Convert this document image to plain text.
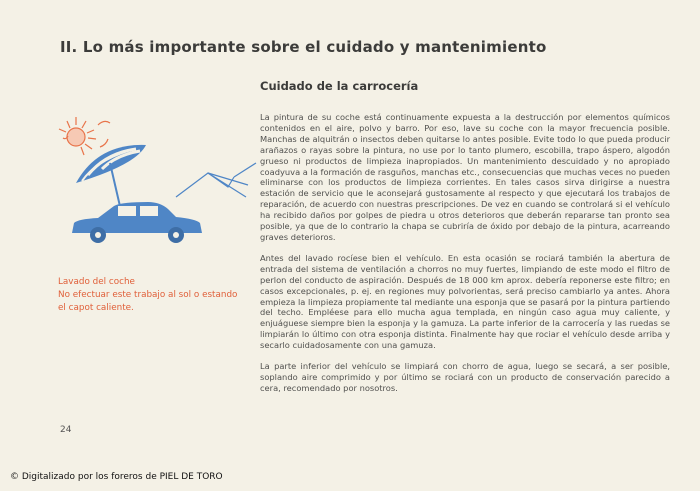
II. Lo más importante sobre el cuidado y mantenimiento
Cuidado de la carrocería
Lavado del coche
No efectuar este trabajo al sol o estando el capot caliente.

La pintura de su coche está continuamente expuesta a la destrucción por elementos químicos contenidos en el aire, polvo y barro. Por eso, lave su coche con la mayor frecuencia posible. Manchas de alquitrán o insectos deben quitarse lo antes posible. Evite todo lo que pueda producir arañazos o rayas sobre la pintura, no use por lo tanto plumero, escobilla, trapo áspero, algodón grueso ni productos de limpieza inapropiados. Un mantenimiento descuidado y no apropiado coadyuva a la formación de rasguños, manchas etc., consecuencias que muchas veces no pueden eliminarse con los productos de limpieza corrientes. En tales casos sirva dirigirse a nuestra estación de servicio que le aconsejará gustosamente al respecto y que ejecutará los trabajos de reparación, de acuerdo con nuestras prescripciones. De vez en cuando se controlará si el vehículo ha recibido daños por golpes de piedra u otros deterioros que deberán repararse tan pronto sea posible, ya que de lo contrario la chapa se cubriría de óxido por debajo de la pintura, acarreando graves deterioros.

Antes del lavado rocíese bien el vehículo. En esta ocasión se rociará también la abertura de entrada del sistema de ventilación a chorros no muy fuertes, limpiando de este modo el filtro de perlon del conducto de aspiración. Después de 18 000 km aprox. debería reponerse este filtro; en casos excepcionales, p. ej. en regiones muy polvorientas, será preciso cambiarlo ya antes. Ahora empieza la limpieza propiamente tal mediante una esponja que se pasará por la pintura partiendo del techo. Empléese para ello mucha agua templada, en ningún caso agua muy caliente, y enjuáguese siempre bien la esponja y la gamuza. La parte inferior de la carrocería y las ruedas se limpiarán lo último con otra esponja distinta. Finalmente hay que rociar el vehículo desde arriba y secarlo cuidadosamente con una gamuza.

La parte inferior del vehículo se limpiará con chorro de agua, luego se secará, a ser posible, soplando aire comprimido y por último se rociará con un producto de conservación parecido a cera, recomendado por nosotros.

24
© Digitalizado por los foreros de PIEL DE TORO
